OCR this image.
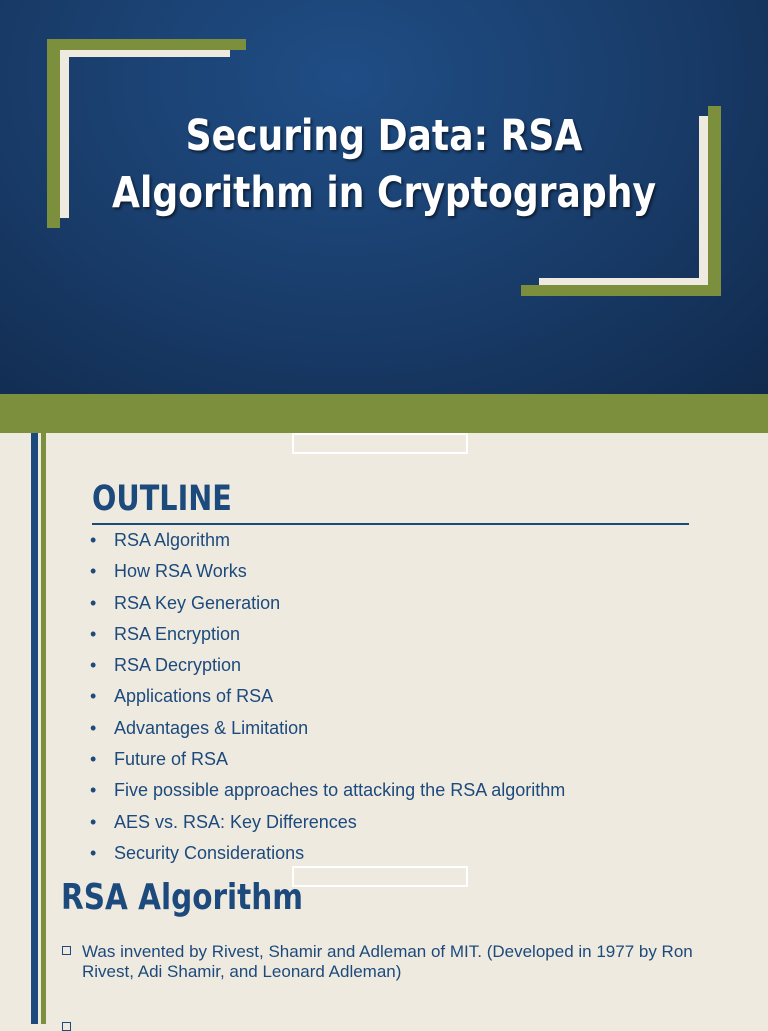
Securing Data: RSA
Algorithm in Cryptography
OUTLINE
• RSA Algorithm
• How RSA Works
• RSA Key Generation
• RSA Encryption
• RSA Decryption
• Applications of RSA
• Advantages & Limitation
• Future of RSA
• Five possible approaches to attacking the RSA algorithm
• AES vs. RSA: Key Differences
• Security Considerations
RSA Algorithm
Was invented by Rivest, Shamir and Adleman of MIT. (Developed in 1977 by Ron Rivest, Adi Shamir, and Leonard Adleman)
